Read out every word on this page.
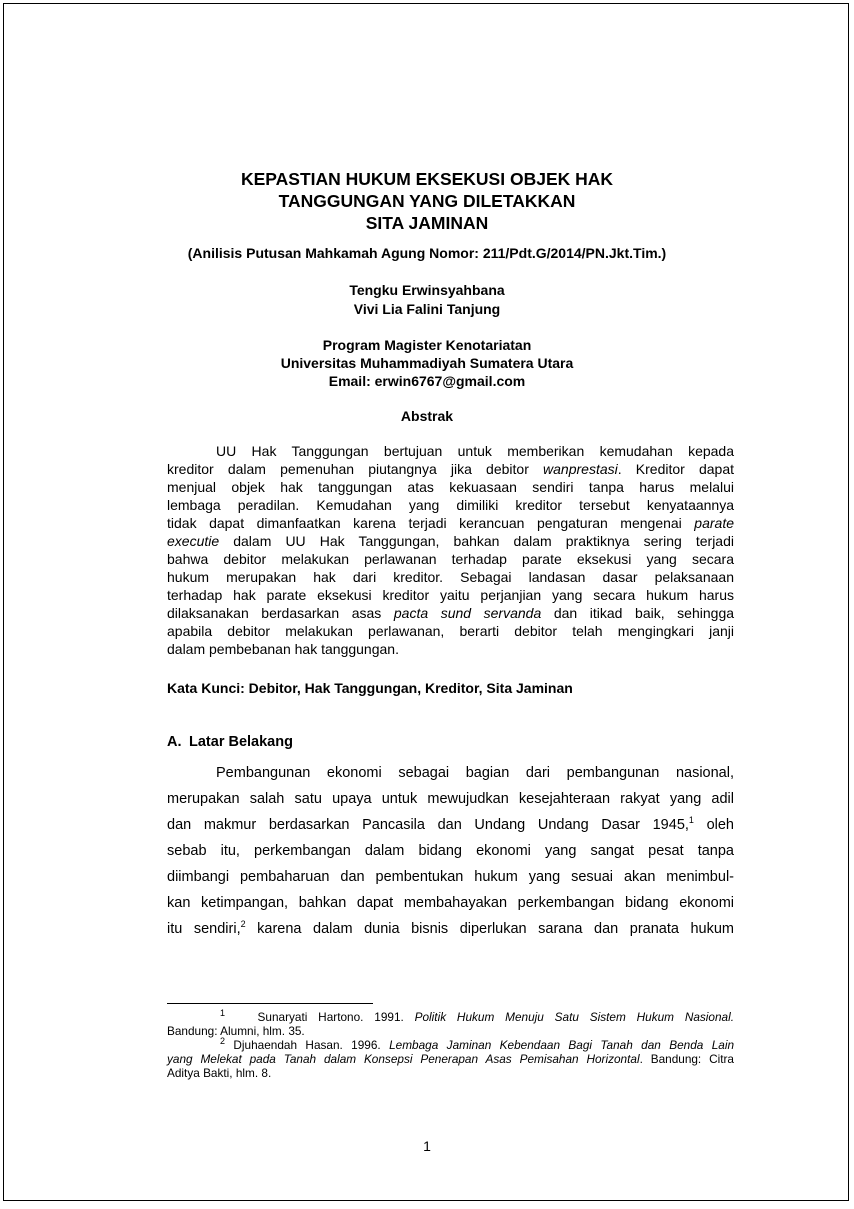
KEPASTIAN HUKUM EKSEKUSI OBJEK HAK
TANGGUNGAN YANG DILETAKKAN
SITA JAMINAN
(Anilisis Putusan Mahkamah Agung Nomor: 211/Pdt.G/2014/PN.Jkt.Tim.)
Tengku Erwinsyahbana
Vivi Lia Falini Tanjung
Program Magister Kenotariatan
Universitas Muhammadiyah Sumatera Utara
Email: erwin6767@gmail.com
Abstrak
UU Hak Tanggungan bertujuan untuk memberikan kemudahan kepada
kreditor dalam pemenuhan piutangnya jika debitor wanprestasi. Kreditor dapat
menjual objek hak tanggungan atas kekuasaan sendiri tanpa harus melalui
lembaga peradilan. Kemudahan yang dimiliki kreditor tersebut kenyataannya
tidak dapat dimanfaatkan karena terjadi kerancuan pengaturan mengenai parate
executie dalam UU Hak Tanggungan, bahkan dalam praktiknya sering terjadi
bahwa debitor melakukan perlawanan terhadap parate eksekusi yang secara
hukum merupakan hak dari kreditor. Sebagai landasan dasar pelaksanaan
terhadap hak parate eksekusi kreditor yaitu perjanjian yang secara hukum harus
dilaksanakan berdasarkan asas pacta sund servanda dan itikad baik, sehingga
apabila debitor melakukan perlawanan, berarti debitor telah mengingkari janji
dalam pembebanan hak tanggungan.
Kata Kunci: Debitor, Hak Tanggungan, Kreditor, Sita Jaminan
A. Latar Belakang
Pembangunan ekonomi sebagai bagian dari pembangunan nasional,
merupakan salah satu upaya untuk mewujudkan kesejahteraan rakyat yang adil
dan makmur berdasarkan Pancasila dan Undang Undang Dasar 1945,$^1$ oleh
sebab itu, perkembangan dalam bidang ekonomi yang sangat pesat tanpa
diimbangi pembaharuan dan pembentukan hukum yang sesuai akan menimbul-
kan ketimpangan, bahkan dapat membahayakan perkembangan bidang ekonomi
itu sendiri,$^2$ karena dalam dunia bisnis diperlukan sarana dan pranata hukum
$^1$	Sunaryati Hartono. 1991. Politik Hukum Menuju Satu Sistem Hukum Nasional.
Bandung: Alumni, hlm. 35.
$^2$ Djuhaendah Hasan. 1996. Lembaga Jaminan Kebendaan Bagi Tanah dan Benda Lain
yang Melekat pada Tanah dalam Konsepsi Penerapan Asas Pemisahan Horizontal. Bandung: Citra
Aditya Bakti, hlm. 8.
1
